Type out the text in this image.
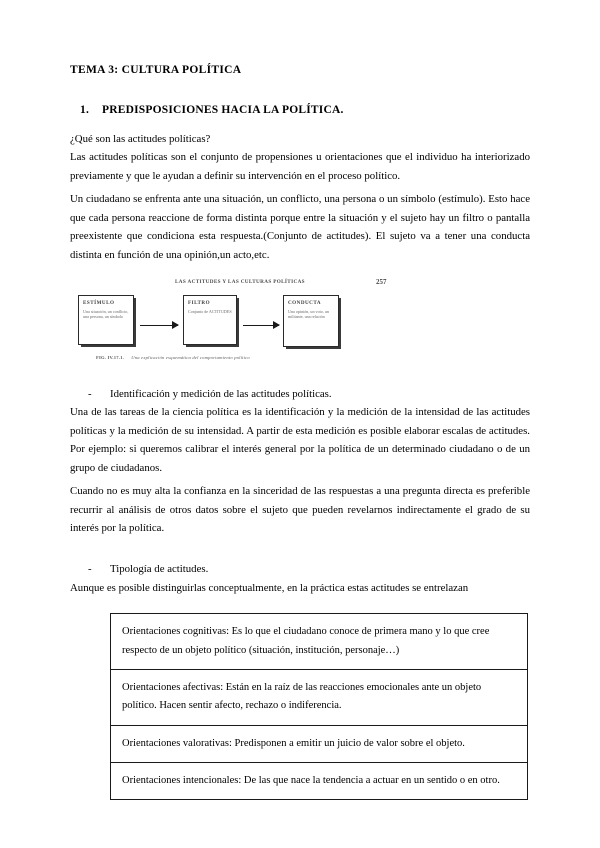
TEMA 3: CULTURA POLÍTICA
1. PREDISPOSICIONES HACIA LA POLÍTICA.

¿Qué son las actitudes políticas?

Las actitudes políticas son el conjunto de propensiones u orientaciones que el individuo ha interiorizado previamente y que le ayudan a definir su intervención en el proceso político.

Un ciudadano se enfrenta ante una situación, un conflicto, una persona o un símbolo (estímulo). Esto hace que cada persona reaccione de forma distinta porque entre la situación y el sujeto hay un filtro o pantalla preexistente que condiciona esta respuesta.(Conjunto de actitudes). El sujeto va a tener una conducta distinta en función de una opinión,un acto,etc.

LAS ACTITUDES Y LAS CULTURAS POLÍTICAS	257
ESTÍMULO
Una situación, un conflicto, una persona, un símbolo
FILTRO
Conjunto de ACTITUDES
CONDUCTA
Una opinión, un voto, un militante, una relación
FIG. IV.17.1. Una explicación esquemática del comportamiento político

- Identificación y medición de las actitudes políticas.

Una de las tareas de la ciencia política es la identificación y la medición de la intensidad de las actitudes políticas y la medición de su intensidad. A partir de esta medición es posible elaborar escalas de actitudes. Por ejemplo: si queremos calibrar el interés general por la política de un determinado ciudadano o de un grupo de ciudadanos.

Cuando no es muy alta la confianza en la sinceridad de las respuestas a una pregunta directa es preferible recurrir al análisis de otros datos sobre el sujeto que pueden revelarnos indirectamente el grado de su interés por la política.

- Tipología de actitudes.

Aunque es posible distinguirlas conceptualmente, en la práctica estas actitudes se entrelazan

Orientaciones cognitivas: Es lo que el ciudadano conoce de primera mano y lo que cree respecto de un objeto político (situación, institución, personaje…)
Orientaciones afectivas: Están en la raíz de las reacciones emocionales ante un objeto político. Hacen sentir afecto, rechazo o indiferencia.
Orientaciones valorativas: Predisponen a emitir un juicio de valor sobre el objeto.
Orientaciones intencionales: De las que nace la tendencia a actuar en un sentido o en otro.
